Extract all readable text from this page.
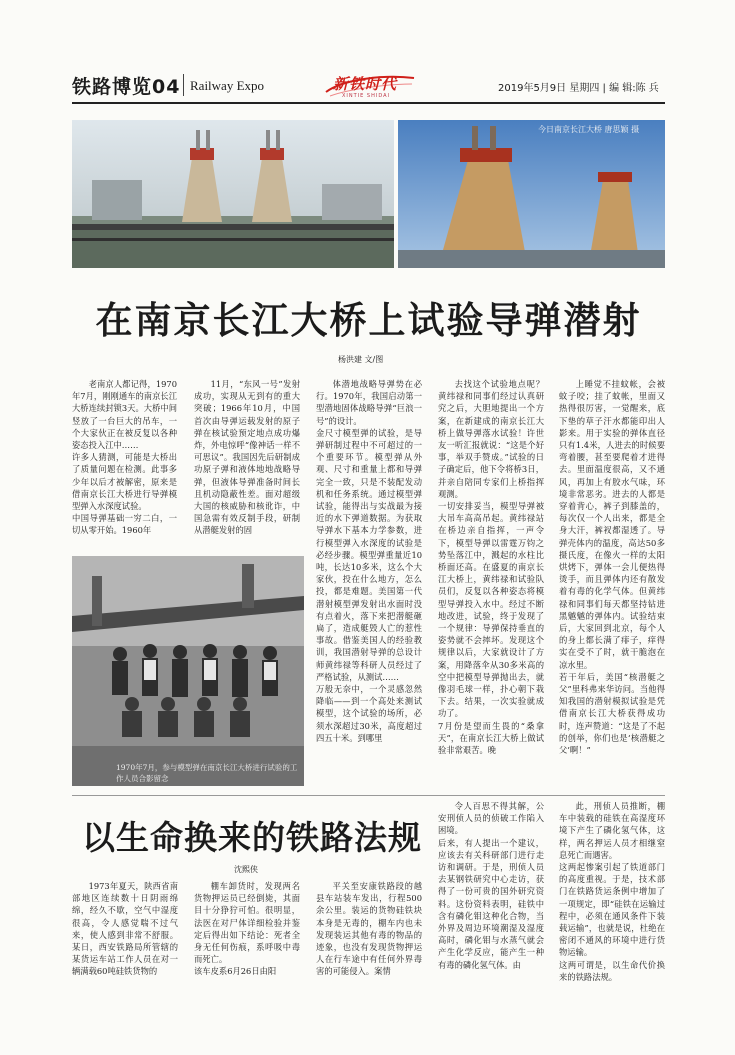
铁路博览04 Railway Expo	新铁时代
XINTIE SHIDAI
2019年5月9日 星期四 | 编 辑:陈 兵
今日南京长江大桥 唐思颖 摄
在南京长江大桥上试验导弹潜射
杨洪建 文/图

老南京人都记得，1970年7月，刚刚通车的南京长江大桥连续封锁3天。大桥中间竖放了一台巨大的吊车，一个大家伙正在被反复以各种姿态投入江中……
许多人猜测，可能是大桥出了质量问题在检测。此事多少年以后才被解密，原来是借南京长江大桥进行导弹模型弹入水深度试验。
中国导弹基础一穷二白，一切从零开始。1960年

11月，“东风一号”发射成功，实现从无到有的重大突破；1966年10月，中国首次由导弹运载发射的原子弹在核试验预定地点成功爆炸，外电惊呼“像神话一样不可思议”。我国因先后研制成功原子弹和液体地地战略导弹，但液体导弹准备时间长且机动隐蔽性差。面对超级大国的核威胁和核讹诈，中国急需有效反制手段，研制从潜艇发射的固

体潜地战略导弹势在必行。1970年，我国启动第一型潜地固体战略导弹“巨浪一号”的设计。
金尺寸模型弹的试验，是导弹研制过程中不可超过的一个重要环节。模型弹从外观、尺寸和重量上都和导弹完全一致，只是不装配发动机和任务系统。通过模型弹试验，能得出与实战最为接近的水下弹道数据。为获取导弹水下基本力学参数，进行模型弹入水深度的试验是必经步骤。模型弹重量近10吨，长达10多米，这么个大家伙，投在什么地方，怎么投，都是难题。美国第一代潜射模型弹发射出水面时没有点着火，落下来把潜艇砸扁了，造成艇毁人亡的惹性事故。借鉴美国人的经验教训，我国潜射导弹的总设计师黄纬禄等科研人员经过了严格试验，从测试……
万般无奈中，一个灵感忽然降临——到一个高处来测试模型，这个试验的场所，必须水深超过30米，高度超过四五十米。到哪里

去找这个试验地点呢？黄纬禄和同事们经过认真研究之后，大胆地提出一个方案，在新建成的南京长江大桥上做导弹落水试验！许世友一听汇报就说：“这是个好事，举双手赞成。”试验的日子确定后，他下令将桥3日，并亲自陪同专家们上桥指挥观测。
一切安排妥当，模型导弹被大吊车高高吊起。黄纬禄站在桥边亲自指挥，一声令下，模型导弹以雷霆万钧之势坠落江中，溅起的水柱比桥面还高。在盛夏的南京长江大桥上，黄纬禄和试验队员们，反复以各种姿态将模型导弹投入水中。经过不断地改进，试验，终于发现了一个规律：导弹保持垂直的姿势就不会摔坏。发现这个规律以后，大家就设计了方案，用降落伞从30多米高的空中把模型导弹抛出去，就像羽毛球一样，扑心朝下栽下去。结果，一次实验就成功了。
7月份是望而生畏的“桑拿天”，在南京长江大桥上做试验非常艰苦。晚

上睡觉不挂蚊帐，会被蚊子咬；挂了蚊帐，里面又热得很厉害，一觉醒来，底下垫的草子汗水都能印出人影来。用于实验的弹体直径只有1.4米，人进去的时候要弯着腰，甚至要爬着才进得去。里面温度很高，又不通风，再加上有胶水气味，环境非常恶劣。进去的人都是穿着背心，裤子到膝盖的，每次仅一个人出来，都是全身大汗，裤衩都湿透了。导弹壳体内的温度，高达50多摄氏度，在像火一样的太阳烘烤下，弹体一会儿便热得烫手，而且弹体内还有散发着有毒的化学气体。但黄纬禄和同事们每天都坚持钻进黑魆魆的弹体内。试验结束后，大家回到北京，每个人的身上都长满了痱子，痒得实在受不了时，就干脆泡在凉水里。
若干年后，美国“核潜艇之父”里科弗来华访问。当他得知我国的潜射模拟试验是凭借南京长江大桥获得成功时，连声赞道：“这是了不起的创举，你们也是‘核潜艇之父’啊！”

1970年7月，参与模型弹在南京长江大桥进行试验的工作人员合影留念
以生命换来的铁路法规
沈熙侠

1973年夏天，陕西省南部地区连续数十日阴雨绵绵，经久不歇，空气中湿度很高，令人感觉喘不过气来，使人感到非常不舒服。某日，西安铁路局所管辖的某货运车站工作人员在对一辆满载60吨硅铁货物的

棚车卸货时，发现两名货物押运员已经倒毙，其面目十分狰狞可怕。很明显，法医在对尸体详细检验并鉴定后得出如下结论：死者全身无任何伤痕，系呼吸中毒而死亡。
该车皮系6月26日由阳

平关至安康铁路段的越县车站装车发出，行程500余公里。装运的货物硅铁块本身是无毒的，棚车内也未发现装运其他有毒的物品的迹象，也没有发现货物押运人在行车途中有任何外界毒害的可能侵入。案情

令人百思不得其解，公安刑侦人员的侦破工作陷入困境。
后来，有人提出一个建议，应该去有关科研部门进行走访和调研。于是，刑侦人员去某钢铁研究中心走访，获得了一份可贵的国外研究资料。这份资料表明，硅铁中含有磷化钼这种化合物，当外界及周边环境潮湿及湿度高时，磷化钼与水蒸气就会产生化学反应，能产生一种有毒的磷化氢气体。由

此，刑侦人员推断，棚车中装载的硅铁在高湿度环境下产生了磷化氢气体，这样，两名押运人员才相继窒息死亡而遇害。
这两起惨案引起了铁道部门的高度重视。于是，技术部门在铁路货运条例中增加了一项规定，即“硅铁在运输过程中，必须在通风条件下装载运输”，也就是说，杜绝在密闭不通风的环境中进行货物运输。
这两可谓是，以生命代价换来的铁路法规。
